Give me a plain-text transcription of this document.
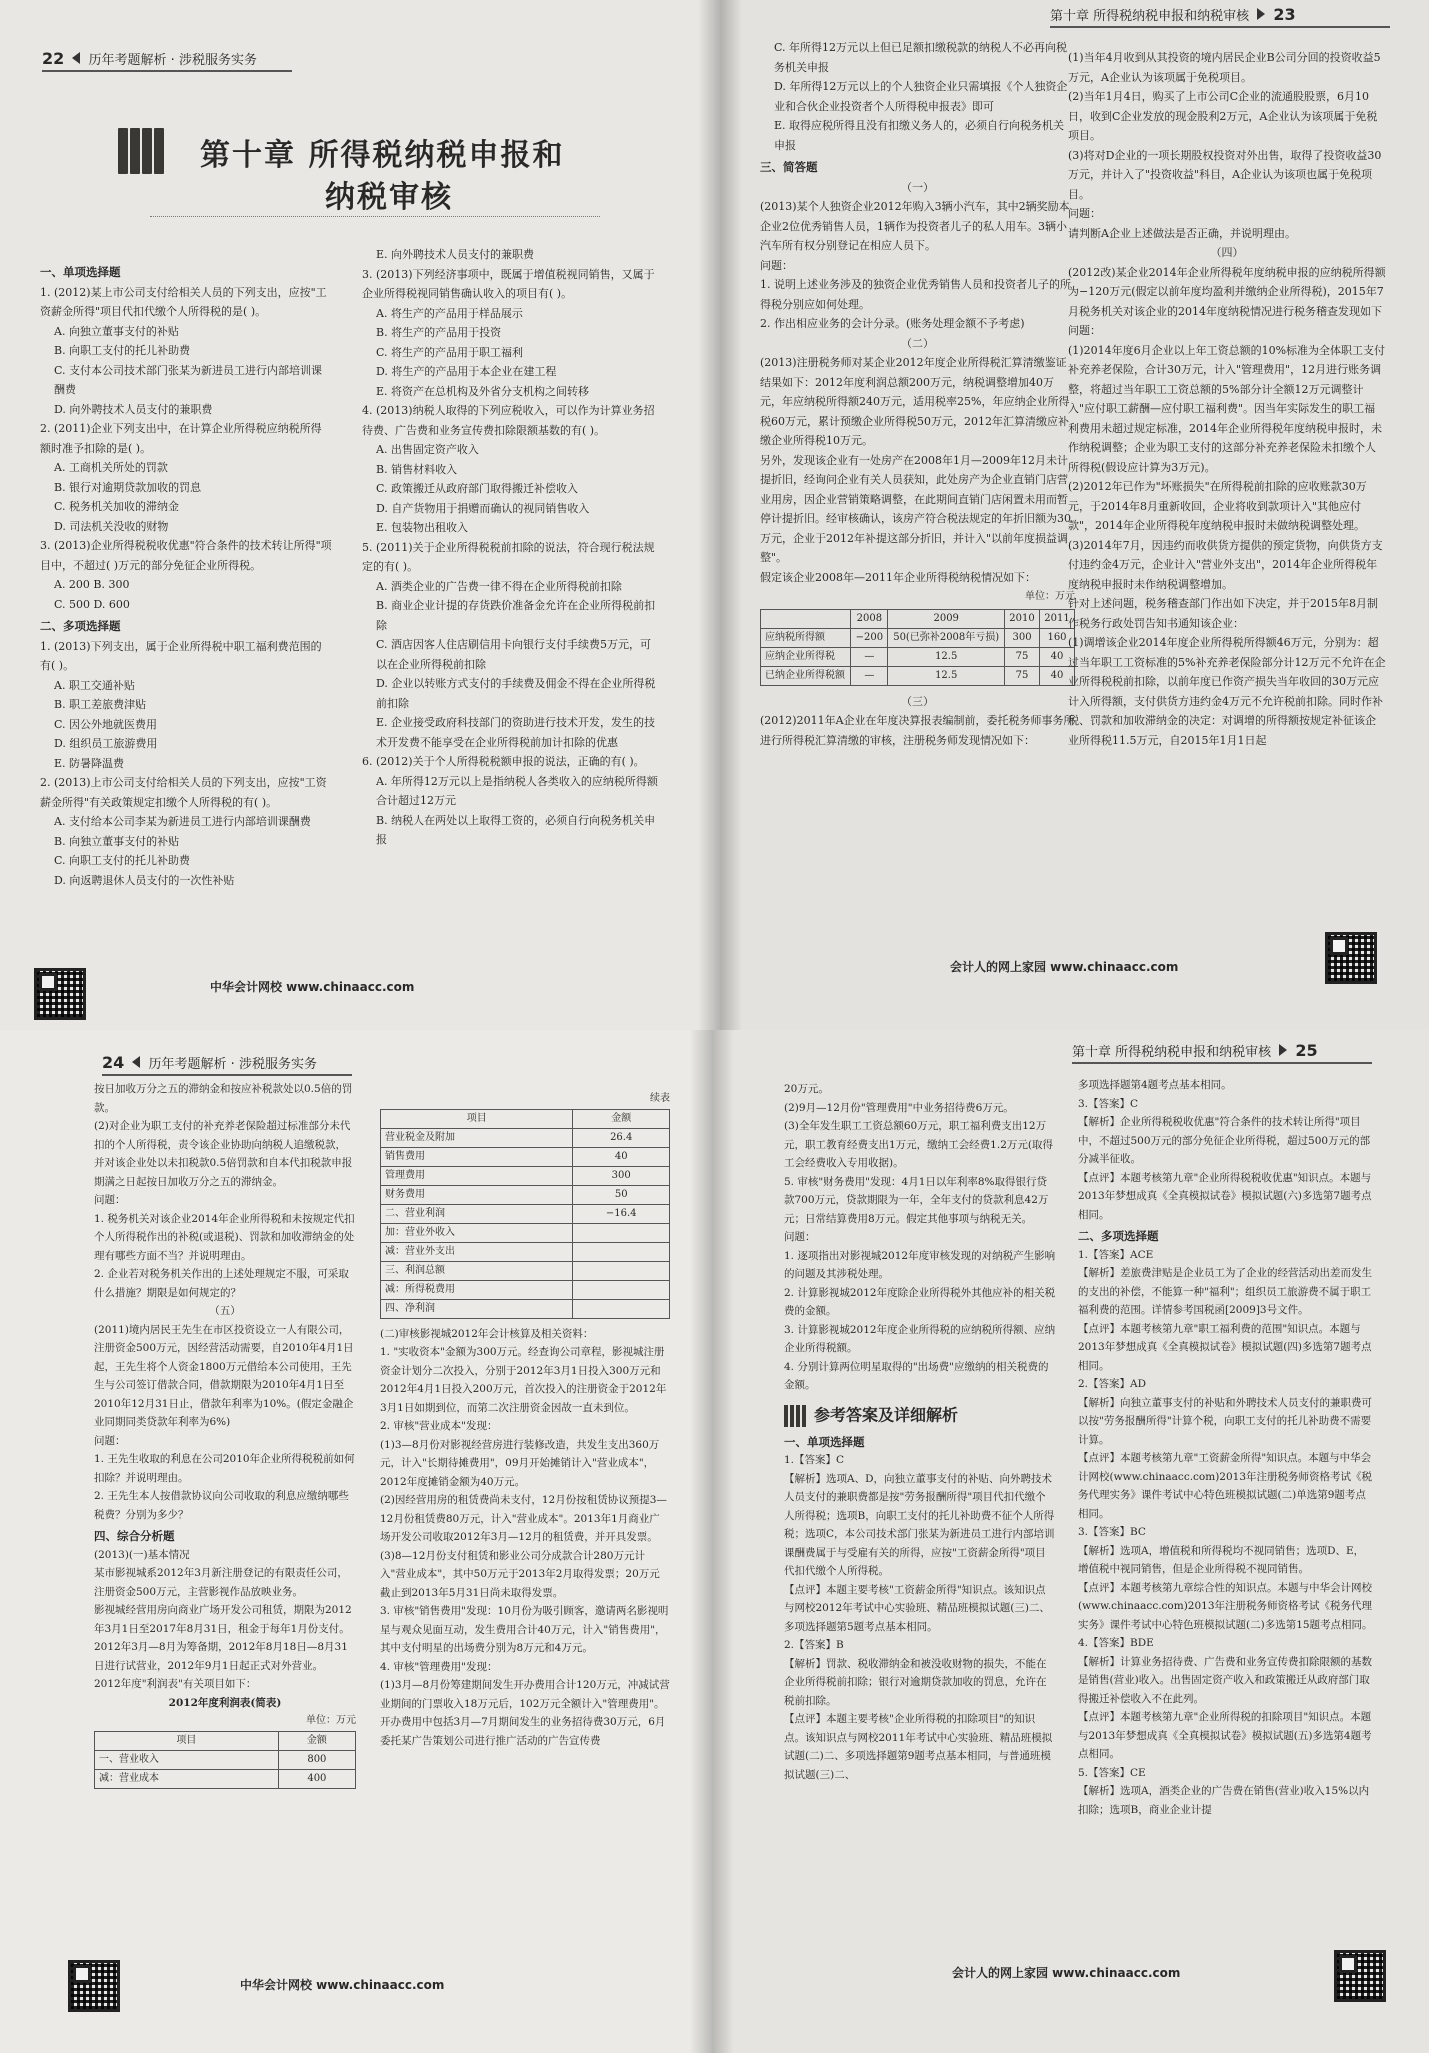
22 历年考题解析 · 涉税服务实务
第十章 所得税纳税申报和
纳税审核

一、单项选择题

1. (2012)某上市公司支付给相关人员的下列支出，应按"工资薪金所得"项目代扣代缴个人所得税的是( )。

A. 向独立董事支付的补贴

B. 向职工支付的托儿补助费

C. 支付本公司技术部门张某为新进员工进行内部培训课酬费

D. 向外聘技术人员支付的兼职费

2. (2011)企业下列支出中，在计算企业所得税应纳税所得额时准予扣除的是( )。

A. 工商机关所处的罚款

B. 银行对逾期贷款加收的罚息

C. 税务机关加收的滞纳金

D. 司法机关没收的财物

3. (2013)企业所得税税收优惠"符合条件的技术转让所得"项目中，不超过( )万元的部分免征企业所得税。

A. 200 B. 300

C. 500 D. 600

二、多项选择题

1. (2013)下列支出，属于企业所得税中职工福利费范围的有( )。

A. 职工交通补贴

B. 职工差旅费津贴

C. 因公外地就医费用

D. 组织员工旅游费用

E. 防暑降温费

2. (2013)上市公司支付给相关人员的下列支出，应按"工资薪金所得"有关政策规定扣缴个人所得税的有( )。

A. 支付给本公司李某为新进员工进行内部培训课酬费

B. 向独立董事支付的补贴

C. 向职工支付的托儿补助费

D. 向返聘退休人员支付的一次性补贴

E. 向外聘技术人员支付的兼职费

3. (2013)下列经济事项中，既属于增值税视同销售，又属于企业所得税视同销售确认收入的项目有( )。

A. 将生产的产品用于样品展示

B. 将生产的产品用于投资

C. 将生产的产品用于职工福利

D. 将生产的产品用于本企业在建工程

E. 将资产在总机构及外省分支机构之间转移

4. (2013)纳税人取得的下列应税收入，可以作为计算业务招待费、广告费和业务宣传费扣除限额基数的有( )。

A. 出售固定资产收入

B. 销售材料收入

C. 政策搬迁从政府部门取得搬迁补偿收入

D. 自产货物用于捐赠而确认的视同销售收入

E. 包装物出租收入

5. (2011)关于企业所得税税前扣除的说法，符合现行税法规定的有( )。

A. 酒类企业的广告费一律不得在企业所得税前扣除

B. 商业企业计提的存货跌价准备金允许在企业所得税前扣除

C. 酒店因客人住店刷信用卡向银行支付手续费5万元，可以在企业所得税前扣除

D. 企业以转账方式支付的手续费及佣金不得在企业所得税前扣除

E. 企业接受政府科技部门的资助进行技术开发，发生的技术开发费不能享受在企业所得税前加计扣除的优惠

6. (2012)关于个人所得税税额申报的说法，正确的有( )。

A. 年所得12万元以上是指纳税人各类收入的应纳税所得额合计超过12万元

B. 纳税人在两处以上取得工资的，必须自行向税务机关申报

中华会计网校 www.chinaacc.com
第十章 所得税纳税申报和纳税审核 23

C. 年所得12万元以上但已足额扣缴税款的纳税人不必再向税务机关申报

D. 年所得12万元以上的个人独资企业只需填报《个人独资企业和合伙企业投资者个人所得税申报表》即可

E. 取得应税所得且没有扣缴义务人的，必须自行向税务机关申报

三、简答题

（一）

(2013)某个人独资企业2012年购入3辆小汽车，其中2辆奖励本企业2位优秀销售人员，1辆作为投资者儿子的私人用车。3辆小汽车所有权分别登记在相应人员下。

问题：

1. 说明上述业务涉及的独资企业优秀销售人员和投资者儿子的所得税分别应如何处理。

2. 作出相应业务的会计分录。(账务处理金额不予考虑)

（二）

(2013)注册税务师对某企业2012年度企业所得税汇算清缴鉴证结果如下：2012年度利润总额200万元，纳税调整增加40万元，年应纳税所得额240万元，适用税率25%，年应纳企业所得税60万元，累计预缴企业所得税50万元，2012年汇算清缴应补缴企业所得税10万元。

另外，发现该企业有一处房产在2008年1月—2009年12月未计提折旧，经询问企业有关人员获知，此处房产为企业直销门店营业用房，因企业营销策略调整，在此期间直销门店闲置未用而暂停计提折旧。经审核确认，该房产符合税法规定的年折旧额为30万元，企业于2012年补提这部分折旧，并计入"以前年度损益调整"。

假定该企业2008年—2011年企业所得税纳税情况如下：

单位：万元
	2008	2009	2010	2011
应纳税所得额	−200	50(已弥补2008年亏损)	300	160
应纳企业所得税	—	12.5	75	40
已纳企业所得税额	—	12.5	75	40

（三）

(2012)2011年A企业在年度决算报表编制前，委托税务师事务所进行所得税汇算清缴的审核，注册税务师发现情况如下：

(1)当年4月收到从其投资的境内居民企业B公司分回的投资收益5万元，A企业认为该项属于免税项目。

(2)当年1月4日，购买了上市公司C企业的流通股股票，6月10日，收到C企业发放的现金股利2万元，A企业认为该项属于免税项目。

(3)将对D企业的一项长期股权投资对外出售，取得了投资收益30万元，并计入了"投资收益"科目，A企业认为该项也属于免税项目。

问题：

请判断A企业上述做法是否正确，并说明理由。

（四）

(2012改)某企业2014年企业所得税年度纳税申报的应纳税所得额为−120万元(假定以前年度均盈利并缴纳企业所得税)，2015年7月税务机关对该企业的2014年度纳税情况进行税务稽查发现如下问题：

(1)2014年度6月企业以上年工资总额的10%标准为全体职工支付补充养老保险，合计30万元，计入"管理费用"，12月进行账务调整，将超过当年职工工资总额的5%部分计全额12万元调整计入"应付职工薪酬—应付职工福利费"。因当年实际发生的职工福利费用未超过规定标准，2014年企业所得税年度纳税申报时，未作纳税调整；企业为职工支付的这部分补充养老保险未扣缴个人所得税(假设应计算为3万元)。

(2)2012年已作为"坏账损失"在所得税前扣除的应收账款30万元，于2014年8月重新收回，企业将收到款项计入"其他应付款"，2014年企业所得税年度纳税申报时未做纳税调整处理。

(3)2014年7月，因违约而收供货方提供的预定货物，向供货方支付违约金4万元，企业计入"营业外支出"，2014年企业所得税年度纳税申报时未作纳税调整增加。

针对上述问题，税务稽查部门作出如下决定，并于2015年8月制作税务行政处罚告知书通知该企业：

(1)调增该企业2014年度企业所得税所得额46万元，分别为：超过当年职工工资标准的5%补充养老保险部分计12万元不允许在企业所得税税前扣除，以前年度已作资产损失当年收回的30万元应计入所得额，支付供货方违约金4万元不允许税前扣除。同时作补税、罚款和加收滞纳金的决定：对调增的所得额按规定补征该企业所得税11.5万元，自2015年1月1日起

会计人的网上家园 www.chinaacc.com
24 历年考题解析 · 涉税服务实务

按日加收万分之五的滞纳金和按应补税款处以0.5倍的罚款。

(2)对企业为职工支付的补充养老保险超过标准部分未代扣的个人所得税，责令该企业协助向纳税人追缴税款，并对该企业处以未扣税款0.5倍罚款和自本代扣税款申报期满之日起按日加收万分之五的滞纳金。

问题：

1. 税务机关对该企业2014年企业所得税和未按规定代扣个人所得税作出的补税(或退税)、罚款和加收滞纳金的处理有哪些方面不当？并说明理由。

2. 企业若对税务机关作出的上述处理规定不服，可采取什么措施？期限是如何规定的？

（五）

(2011)境内居民王先生在市区投资设立一人有限公司，注册资金500万元，因经营活动需要，自2010年4月1日起，王先生将个人资金1800万元借给本公司使用，王先生与公司签订借款合同，借款期限为2010年4月1日至2010年12月31日止，借款年利率为10%。(假定金融企业同期同类贷款年利率为6%)

问题：

1. 王先生收取的利息在公司2010年企业所得税税前如何扣除？并说明理由。

2. 王先生本人按借款协议向公司收取的利息应缴纳哪些税费？分别为多少？

四、综合分析题

(2013)(一)基本情况

某市影视城系2012年3月新注册登记的有限责任公司，注册资金500万元，主营影视作品放映业务。

影视城经营用房向商业广场开发公司租赁，期限为2012年3月1日至2017年8月31日，租金于每年1月份支付。2012年3月—8月为筹备期，2012年8月18日—8月31日进行试营业，2012年9月1日起正式对外营业。

2012年度"利润表"有关项目如下：

2012年度利润表(简表)
单位：万元
项目	金额
一、营业收入	800
减：营业成本	400
续表
项目	金额
营业税金及附加	26.4
销售费用	40
管理费用	300
财务费用	50
二、营业利润	−16.4
加：营业外收入	
减：营业外支出	
三、利润总额	
减：所得税费用	
四、净利润	

(二)审核影视城2012年会计核算及相关资料：

1. "实收资本"金额为300万元。经查询公司章程，影视城注册资金计划分二次投入，分别于2012年3月1日投入300万元和2012年4月1日投入200万元，首次投入的注册资金于2012年3月1日如期到位，而第二次注册资金因故一直未到位。

2. 审核"营业成本"发现：

(1)3—8月份对影视经营房进行装修改造，共发生支出360万元，计入"长期待摊费用"，09月开始摊销计入"营业成本"，2012年度摊销金额为40万元。

(2)因经营用房的租赁费尚未支付，12月份按租赁协议预提3—12月份租赁费80万元，计入"营业成本"。2013年1月商业广场开发公司收取2012年3月—12月的租赁费，并开具发票。

(3)8—12月份支付租赁和影业公司分成款合计280万元计入"营业成本"，其中50万元于2013年2月取得发票；20万元截止到2013年5月31日尚未取得发票。

3. 审核"销售费用"发现：10月份为吸引顾客，邀请两名影视明星与观众见面互动，发生费用合计40万元，计入"销售费用"，其中支付明星的出场费分别为8万元和4万元。

4. 审核"管理费用"发现：

(1)3月—8月份筹建期间发生开办费用合计120万元，冲减试营业期间的门票收入18万元后，102万元全额计入"管理费用"。开办费用中包括3月—7月期间发生的业务招待费30万元，6月委托某广告策划公司进行推广活动的广告宣传费

中华会计网校 www.chinaacc.com
第十章 所得税纳税申报和纳税审核 25

20万元。

(2)9月—12月份"管理费用"中业务招待费6万元。

(3)全年发生职工工资总额60万元，职工福利费支出12万元，职工教育经费支出1万元，缴纳工会经费1.2万元(取得工会经费收入专用收据)。

5. 审核"财务费用"发现：4月1日以年利率8%取得银行贷款700万元，贷款期限为一年，全年支付的贷款利息42万元；日常结算费用8万元。假定其他事项与纳税无关。

问题：

1. 逐项指出对影视城2012年度审核发现的对纳税产生影响的问题及其涉税处理。

2. 计算影视城2012年度除企业所得税外其他应补的相关税费的金额。

3. 计算影视城2012年度企业所得税的应纳税所得额、应纳企业所得税额。

4. 分别计算两位明星取得的"出场费"应缴纳的相关税费的金额。

参考答案及详细解析

一、单项选择题

1.【答案】C

【解析】选项A、D，向独立董事支付的补贴、向外聘技术人员支付的兼职费都是按"劳务报酬所得"项目代扣代缴个人所得税；选项B，向职工支付的托儿补助费不征个人所得税；选项C，本公司技术部门张某为新进员工进行内部培训课酬费属于与受雇有关的所得，应按"工资薪金所得"项目代扣代缴个人所得税。

【点评】本题主要考核"工资薪金所得"知识点。该知识点与网校2012年考试中心实验班、精品班模拟试题(三)二、多项选择题第5题考点基本相同。

2.【答案】B

【解析】罚款、税收滞纳金和被没收财物的损失，不能在企业所得税前扣除；银行对逾期贷款加收的罚息，允许在税前扣除。

【点评】本题主要考核"企业所得税的扣除项目"的知识点。该知识点与网校2011年考试中心实验班、精品班模拟试题(二)二、多项选择题第9题考点基本相同，与普通班模拟试题(三)二、

多项选择题第4题考点基本相同。

3.【答案】C

【解析】企业所得税税收优惠"符合条件的技术转让所得"项目中，不超过500万元的部分免征企业所得税，超过500万元的部分减半征收。

【点评】本题考核第九章"企业所得税税收优惠"知识点。本题与2013年梦想成真《全真模拟试卷》模拟试题(六)多选第7题考点相同。

二、多项选择题

1.【答案】ACE

【解析】差旅费津贴是企业员工为了企业的经营活动出差而发生的支出的补偿，不能算一种"福利"；组织员工旅游费不属于职工福利费的范围。详情参考国税函[2009]3号文件。

【点评】本题考核第九章"职工福利费的范围"知识点。本题与2013年梦想成真《全真模拟试卷》模拟试题(四)多选第7题考点相同。

2.【答案】AD

【解析】向独立董事支付的补贴和外聘技术人员支付的兼职费可以按"劳务报酬所得"计算个税，向职工支付的托儿补助费不需要计算。

【点评】本题考核第九章"工资薪金所得"知识点。本题与中华会计网校(www.chinaacc.com)2013年注册税务师资格考试《税务代理实务》课件考试中心特色班模拟试题(二)单选第9题考点相同。

3.【答案】BC

【解析】选项A，增值税和所得税均不视同销售；选项D、E，增值税中视同销售，但是企业所得税不视同销售。

【点评】本题考核第九章综合性的知识点。本题与中华会计网校(www.chinaacc.com)2013年注册税务师资格考试《税务代理实务》课件考试中心特色班模拟试题(二)多选第15题考点相同。

4.【答案】BDE

【解析】计算业务招待费、广告费和业务宣传费扣除限额的基数是销售(营业)收入。出售固定资产收入和政策搬迁从政府部门取得搬迁补偿收入不在此列。

【点评】本题考核第九章"企业所得税的扣除项目"知识点。本题与2013年梦想成真《全真模拟试卷》模拟试题(五)多选第4题考点相同。

5.【答案】CE

【解析】选项A，酒类企业的广告费在销售(营业)收入15%以内扣除；选项B，商业企业计提

会计人的网上家园 www.chinaacc.com
